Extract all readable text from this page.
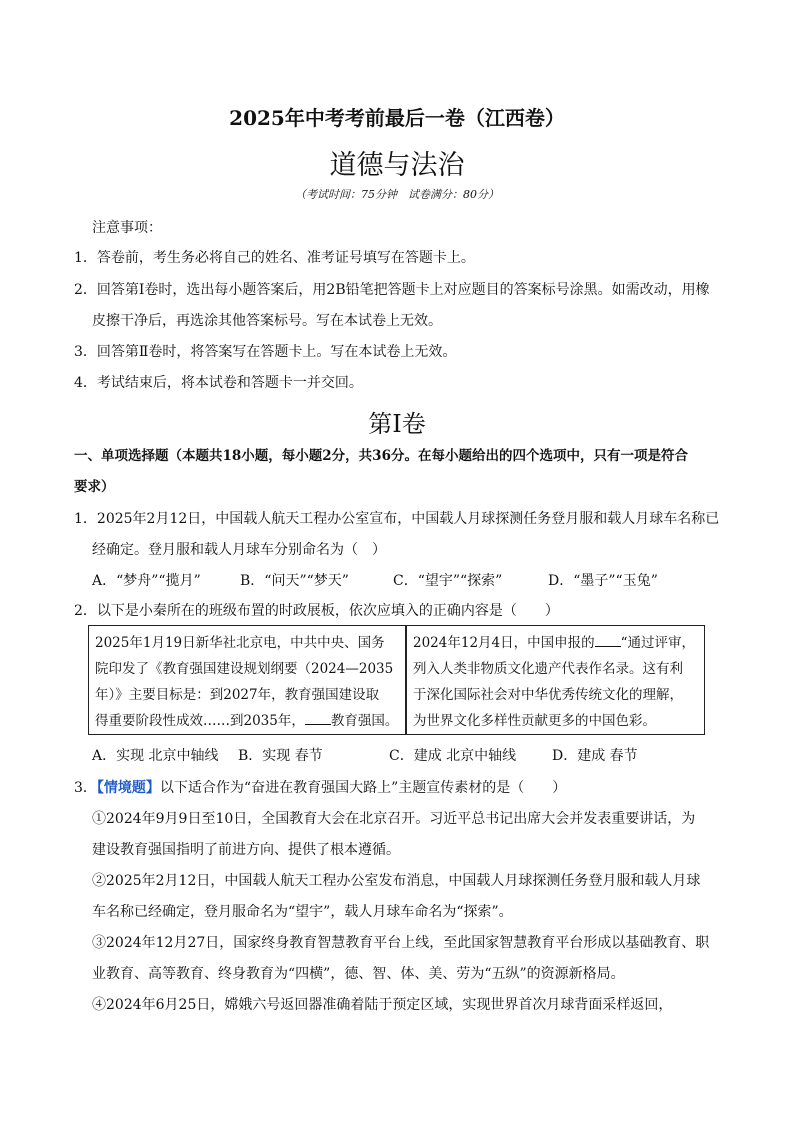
2025年中考考前最后一卷（江西卷）
道德与法治
（考试时间：75分钟　试卷满分：80分）
注意事项：
1．答卷前，考生务必将自己的姓名、准考证号填写在答题卡上。
2．回答第Ⅰ卷时，选出每小题答案后，用2B铅笔把答题卡上对应题目的答案标号涂黑。如需改动，用橡
皮擦干净后，再选涂其他答案标号。写在本试卷上无效。
3．回答第Ⅱ卷时，将答案写在答题卡上。写在本试卷上无效。
4．考试结束后，将本试卷和答题卡一并交回。
第Ⅰ卷
一、单项选择题（本题共18小题，每小题2分，共36分。在每小题给出的四个选项中，只有一项是符合
要求）
1．2025年2月12日，中国载人航天工程办公室宣布，中国载人月球探测任务登月服和载人月球车名称已
经确定。登月服和载人月球车分别命名为（　）
A．“梦舟”“揽月”	B．“问天”“梦天”	C．“望宇”“探索”	D．“墨子”“玉兔”
2．以下是小秦所在的班级布置的时政展板，依次应填入的正确内容是（　　）
2025年1月19日新华社北京电，中共中央、国务
院印发了《教育强国建设规划纲要（2024—2035
年）》主要目标是：到2027年，教育强国建设取
得重要阶段性成效……到2035年， 教育强国。
2024年12月4日，中国申报的 “通过评审，
列入人类非物质文化遗产代表作名录。这有利
于深化国际社会对中华优秀传统文化的理解，
为世界文化多样性贡献更多的中国色彩。
A．实现 北京中轴线 B．实现 春节	C．建成 北京中轴线	D．建成 春节
3．【情境题】以下适合作为“奋进在教育强国大路上”主题宣传素材的是（　　）
①2024年9月9日至10日，全国教育大会在北京召开。习近平总书记出席大会并发表重要讲话，为
建设教育强国指明了前进方向、提供了根本遵循。
②2025年2月12日，中国载人航天工程办公室发布消息，中国载人月球探测任务登月服和载人月球
车名称已经确定，登月服命名为“望宇”，载人月球车命名为“探索”。
③2024年12月27日，国家终身教育智慧教育平台上线，至此国家智慧教育平台形成以基础教育、职
业教育、高等教育、终身教育为“四横”，德、智、体、美、劳为“五纵”的资源新格局。
④2024年6月25日，嫦娥六号返回器准确着陆于预定区域，实现世界首次月球背面采样返回，
